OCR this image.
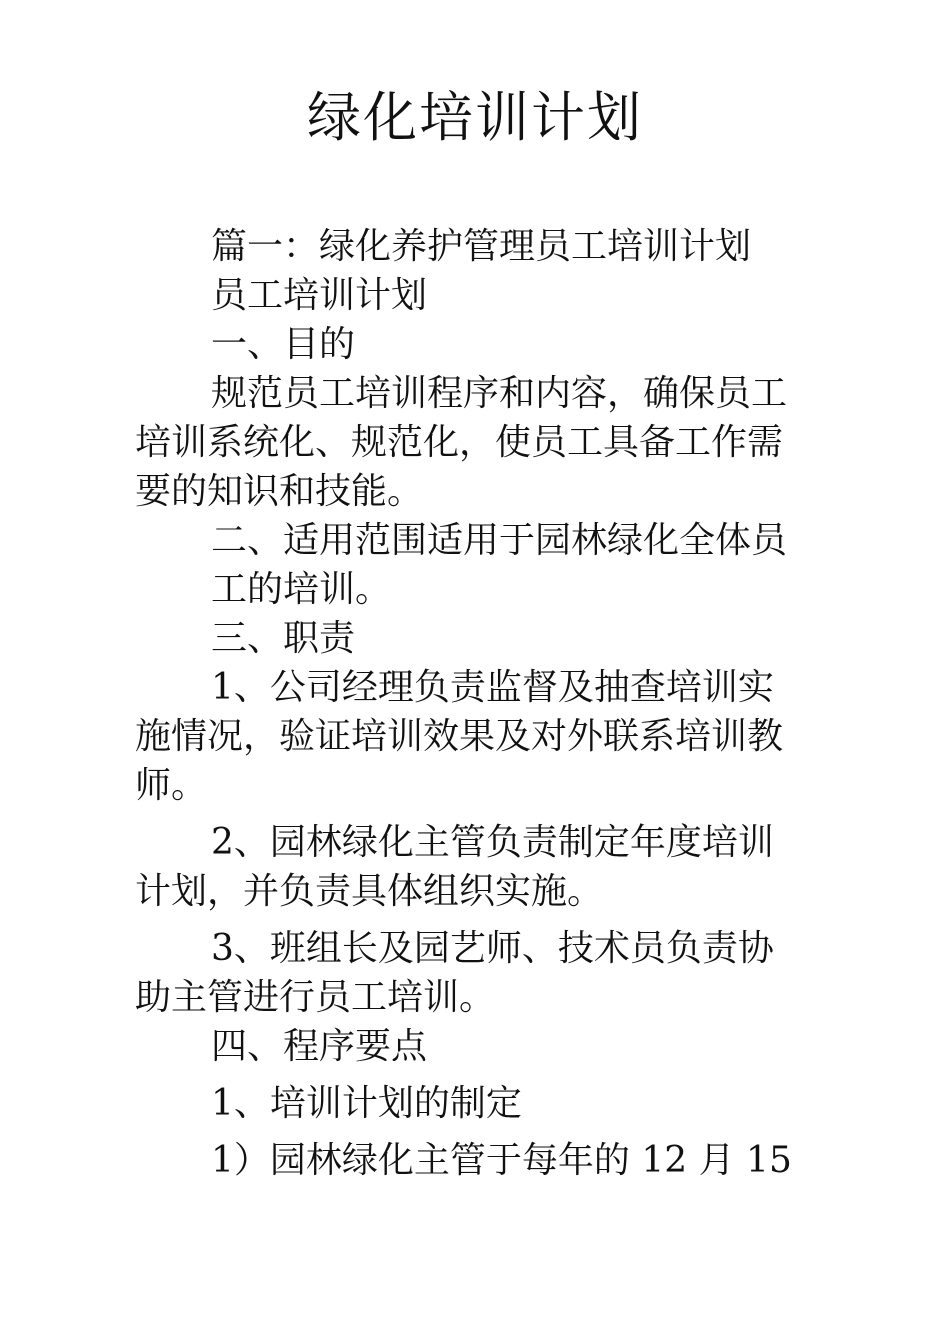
绿化培训计划

篇一：绿化养护管理员工培训计划

员工培训计划

一、目的

规范员工培训程序和内容，确保员工

培训系统化、规范化，使员工具备工作需

要的知识和技能。

二、适用范围适用于园林绿化全体员

工的培训。

三、职责

1、公司经理负责监督及抽查培训实

施情况，验证培训效果及对外联系培训教

师。

2、园林绿化主管负责制定年度培训

计划，并负责具体组织实施。

3、班组长及园艺师、技术员负责协

助主管进行员工培训。

四、程序要点

1、培训计划的制定

1）园林绿化主管于每年的 12 月 15
